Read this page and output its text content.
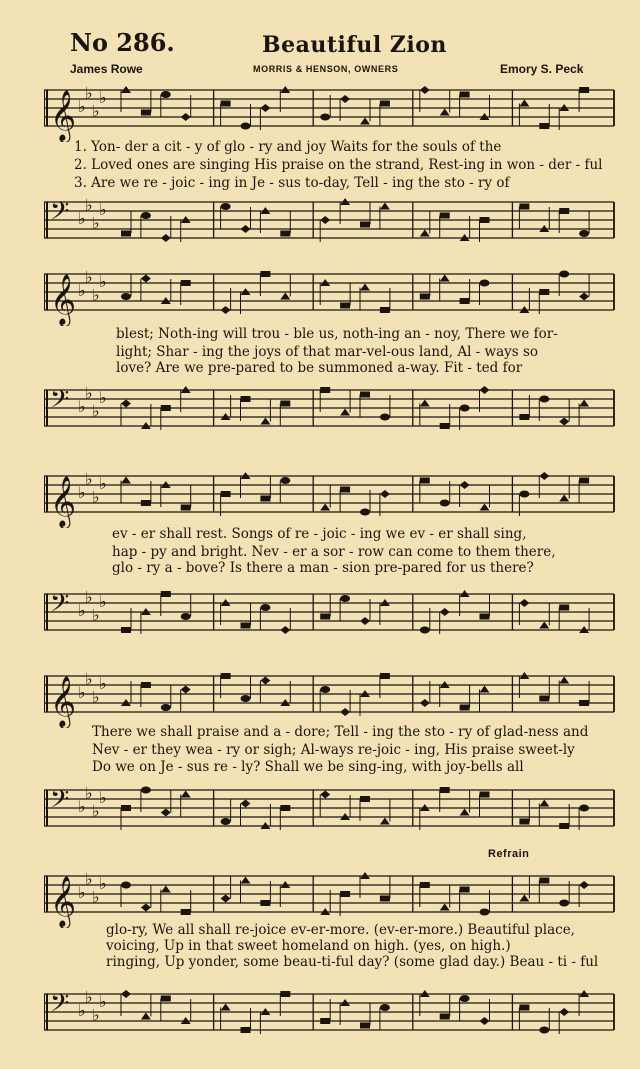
No 286.	Beautiful Zion
James Rowe	MORRIS & HENSON, OWNERS	Emory S. Peck
𝄞 ♭
♭
♭
♭
𝄢 ♭
♭
♭
♭
1. Yon- der a cit - y of glo - ry and joy Waits for the souls of the
2. Loved ones are singing His praise on the strand, Rest-ing in won - der - ful
3. Are we re - joic - ing in Je - sus to-day, Tell - ing the sto - ry of
𝄞 ♭
♭
♭
♭
𝄢 ♭
♭
♭
♭
blest; Noth-ing will trou - ble us, noth-ing an - noy, There we for-
light; Shar - ing the joys of that mar-vel-ous land, Al - ways so
love? Are we pre-pared to be summoned a-way. Fit - ted for
𝄞 ♭
♭
♭
♭
𝄢 ♭
♭
♭
♭
ev - er shall rest. Songs of re - joic - ing we ev - er shall sing,
hap - py and bright. Nev - er a sor - row can come to them there,
glo - ry a - bove? Is there a man - sion pre-pared for us there?
𝄞 ♭
♭
♭
♭
𝄢 ♭
♭
♭
♭
There we shall praise and a - dore; Tell - ing the sto - ry of glad-ness and
Nev - er they wea - ry or sigh; Al-ways re-joic - ing, His praise sweet-ly
Do we on Je - sus re - ly? Shall we be sing-ing, with joy-bells all
Refrain
𝄞 ♭
♭
♭
♭
𝄢 ♭
♭
♭
♭
glo-ry, We all shall re-joice ev-er-more. (ev-er-more.) Beautiful place,
voicing, Up in that sweet homeland on high. (yes, on high.)
ringing, Up yonder, some beau-ti-ful day? (some glad day.) Beau - ti - ful
